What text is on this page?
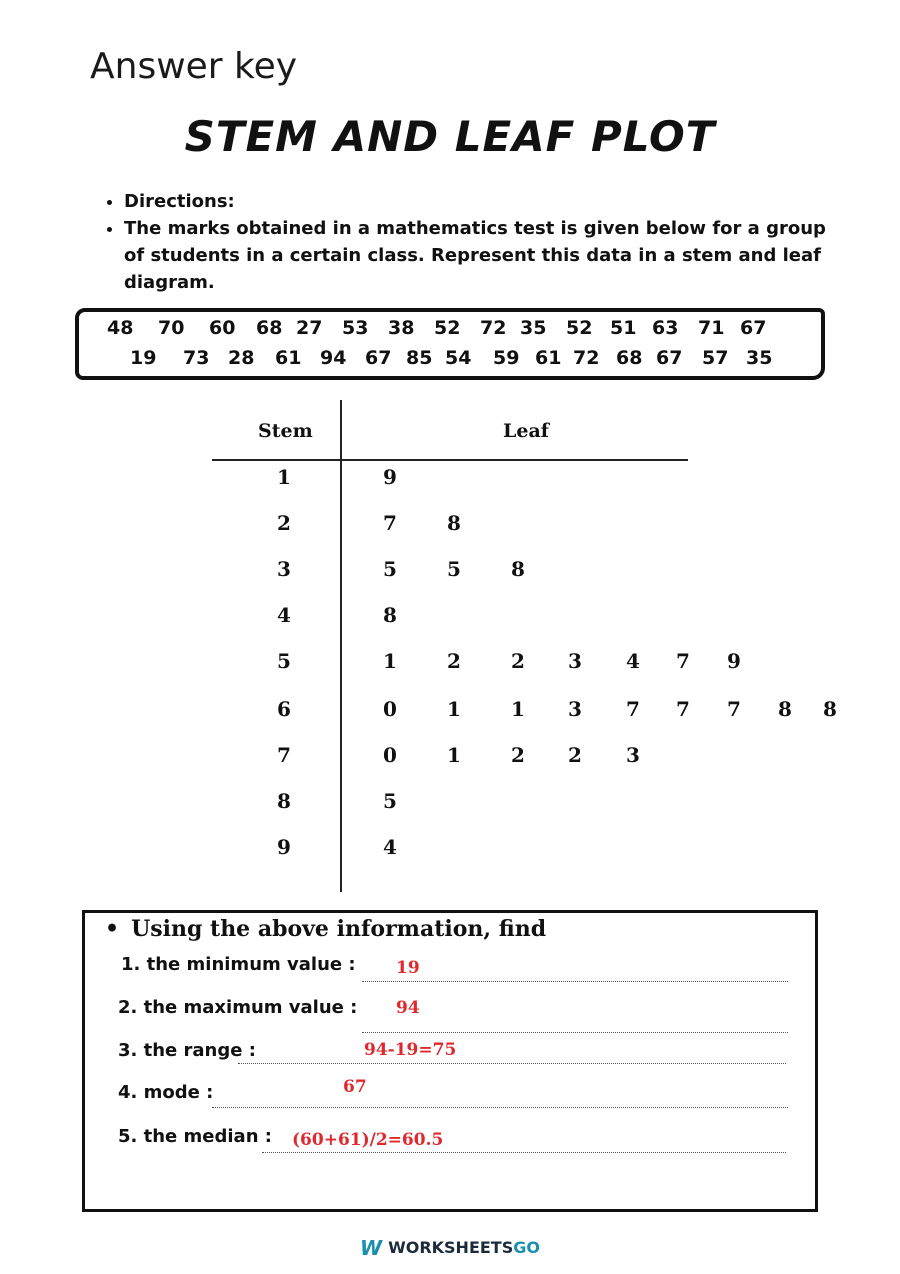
Answer key
STEM AND LEAF PLOT
• Directions:
• The marks obtained in a mathematics test is given below for a group of students in a certain class. Represent this data in a stem and leaf diagram.
48 70 60 68 27 53 38 52 72 35 52 51 63 71 67
19 73 28 61 94 67 85 54 59 61 72 68 67 57 35
Stem	Leaf
1	9
2	7	8
3	5	5	8
4	8
5	1	2	2 3 4 7 9
6	0	1	1 3 7 7 7 8 8
7	0	1	2 2 3
8	5
9	4
• Using the above information, find
1. the minimum value : 19
2. the maximum value : 94
3. the range :	94-19=75
4. mode :	67
5. the median : (60+61)/2=60.5
W WORKSHEETSGO
